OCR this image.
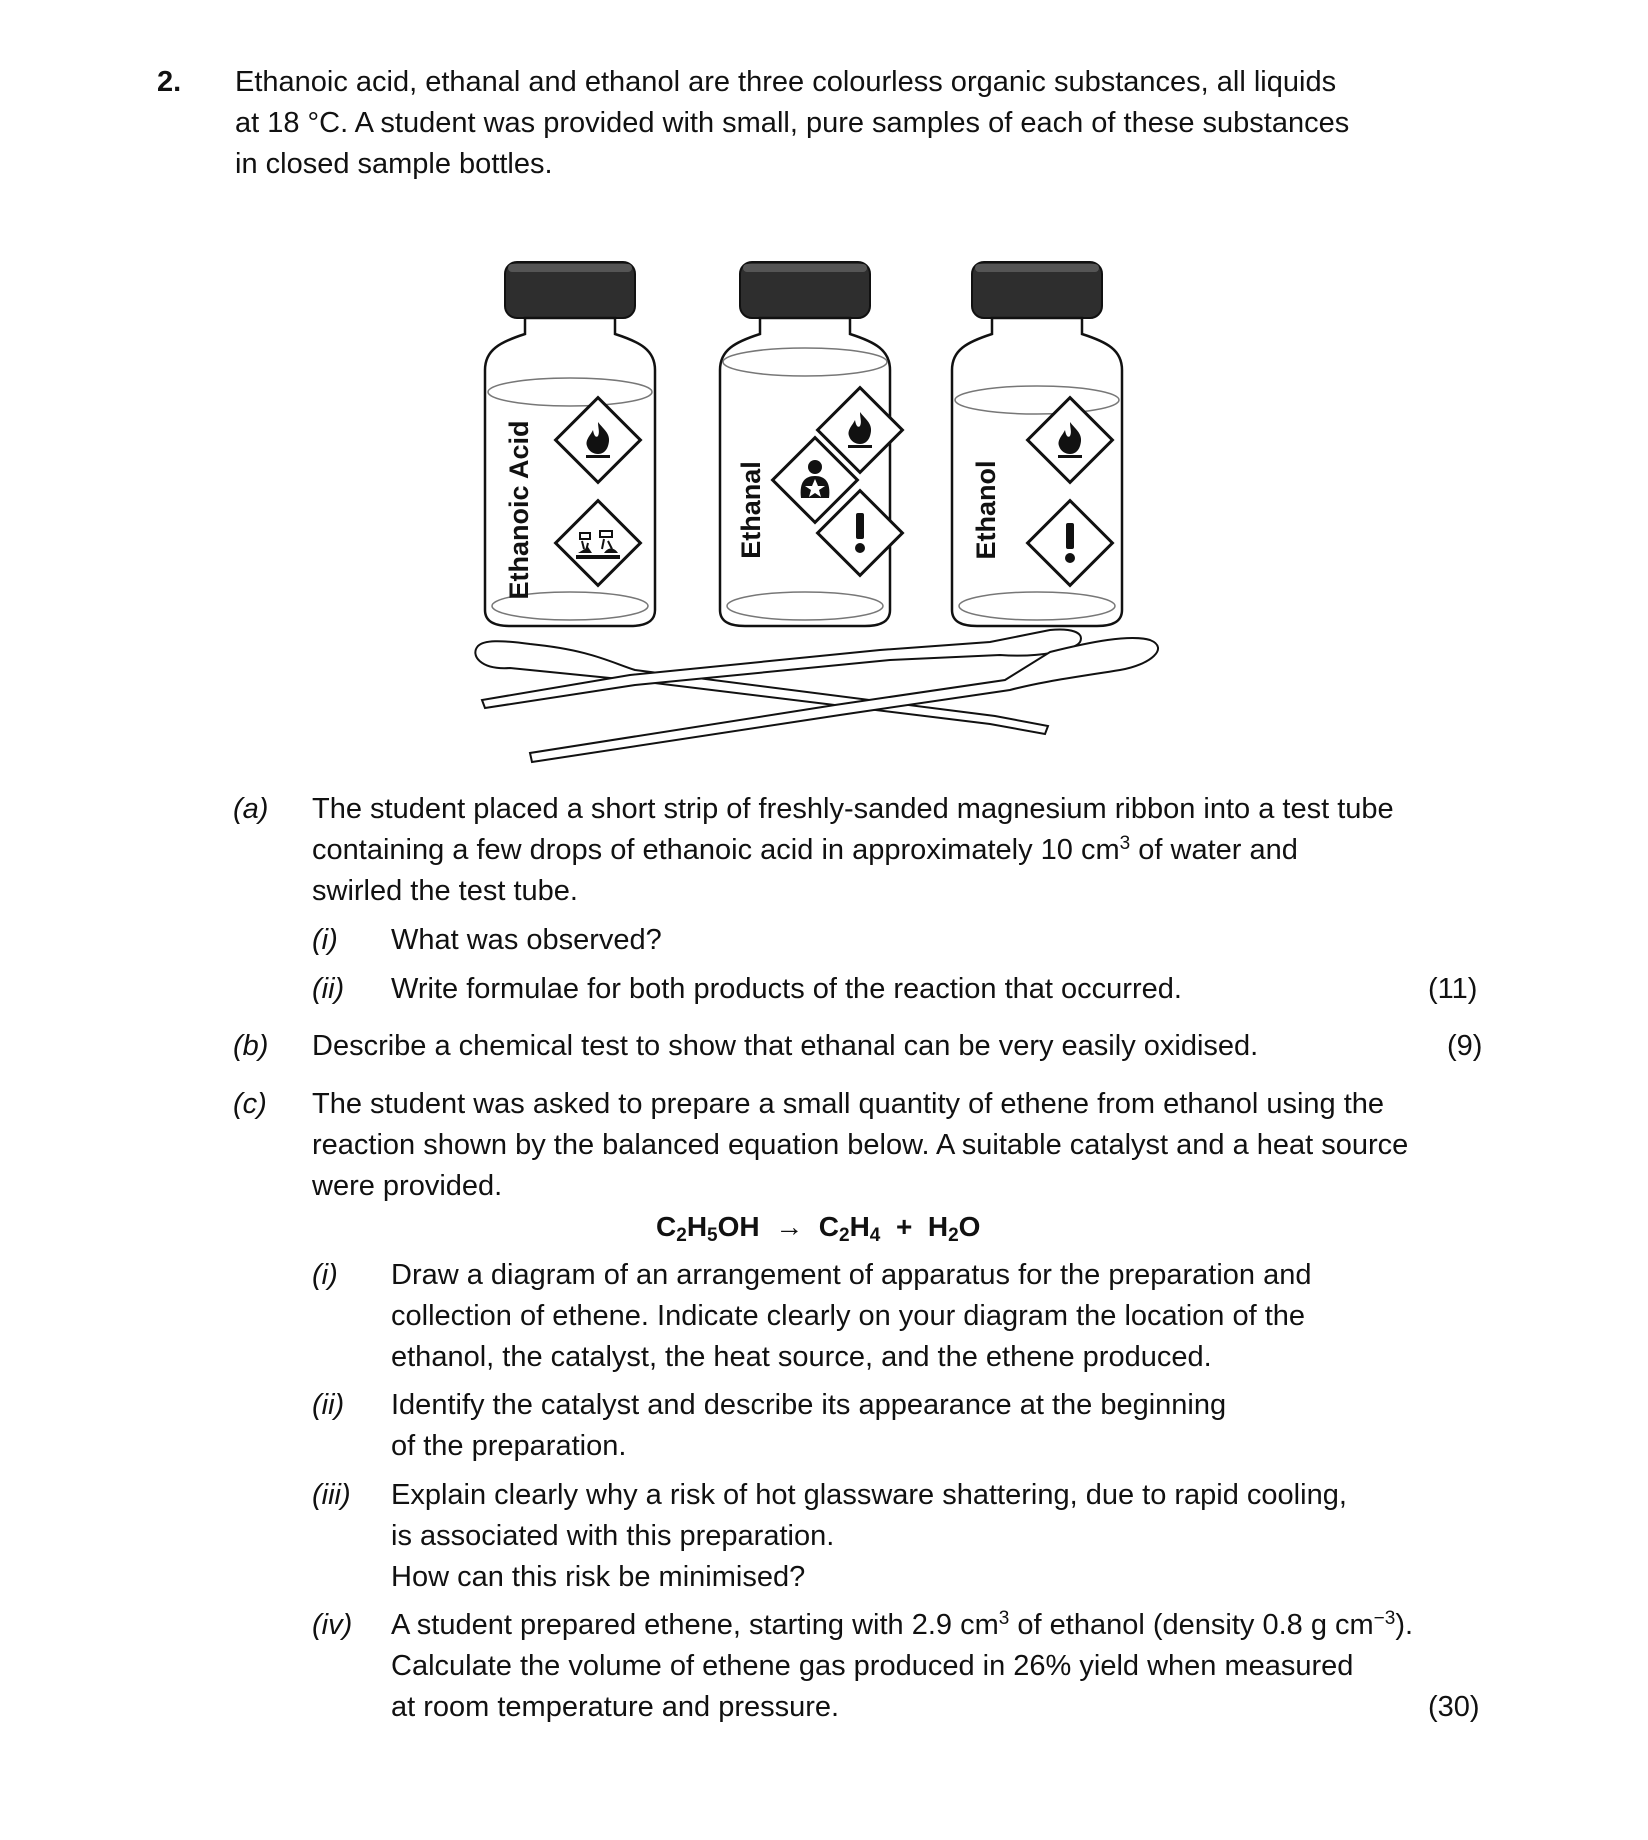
2. Ethanoic acid, ethanal and ethanol are three colourless organic substances, all liquids
at 18 °C. A student was provided with small, pure samples of each of these substances
in closed sample bottles.
Ethanoic Acid	Ethanal	Ethanol
(a) The student placed a short strip of freshly-sanded magnesium ribbon into a test tube
containing a few drops of ethanoic acid in approximately 10 $cm^3$ of water and
swirled the test tube.
(i) What was observed?
(ii) Write formulae for both products of the reaction that occurred.	(11)
(b) Describe a chemical test to show that ethanal can be very easily oxidised.	(9)
(c) The student was asked to prepare a small quantity of ethene from ethanol using the
reaction shown by the balanced equation below. A suitable catalyst and a heat source
were provided.
$C_2H_5OH \to C_2H_4 + H_2O$
(i) Draw a diagram of an arrangement of apparatus for the preparation and
collection of ethene. Indicate clearly on your diagram the location of the
ethanol, the catalyst, the heat source, and the ethene produced.
(ii) Identify the catalyst and describe its appearance at the beginning
of the preparation.
(iii) Explain clearly why a risk of hot glassware shattering, due to rapid cooling,
is associated with this preparation.
How can this risk be minimised?
(iv) A student prepared ethene, starting with 2.9 $cm^3$ of ethanol (density 0.8 g $cm^{-3}$).
Calculate the volume of ethene gas produced in 26% yield when measured
at room temperature and pressure.	(30)
